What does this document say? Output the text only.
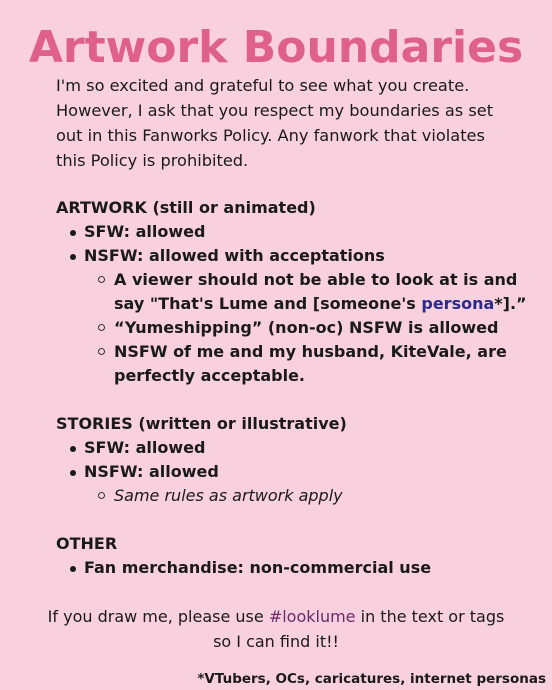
Artwork Boundaries
I'm so excited and grateful to see what you create. However, I ask that you respect my boundaries as set out in this Fanworks Policy. Any fanwork that violates this Policy is prohibited.
ARTWORK (still or animated)
SFW: allowed
NSFW: allowed with acceptations
A viewer should not be able to look at is and say "That's Lume and [someone's persona*].”
“Yumeshipping” (non-oc) NSFW is allowed
NSFW of me and my husband, KiteVale, are perfectly acceptable.
STORIES (written or illustrative)
SFW: allowed
NSFW: allowed
Same rules as artwork apply
OTHER
Fan merchandise: non-commercial use
If you draw me, please use #looklume in the text or tags so I can find it!!
*VTubers, OCs, caricatures, internet personas
